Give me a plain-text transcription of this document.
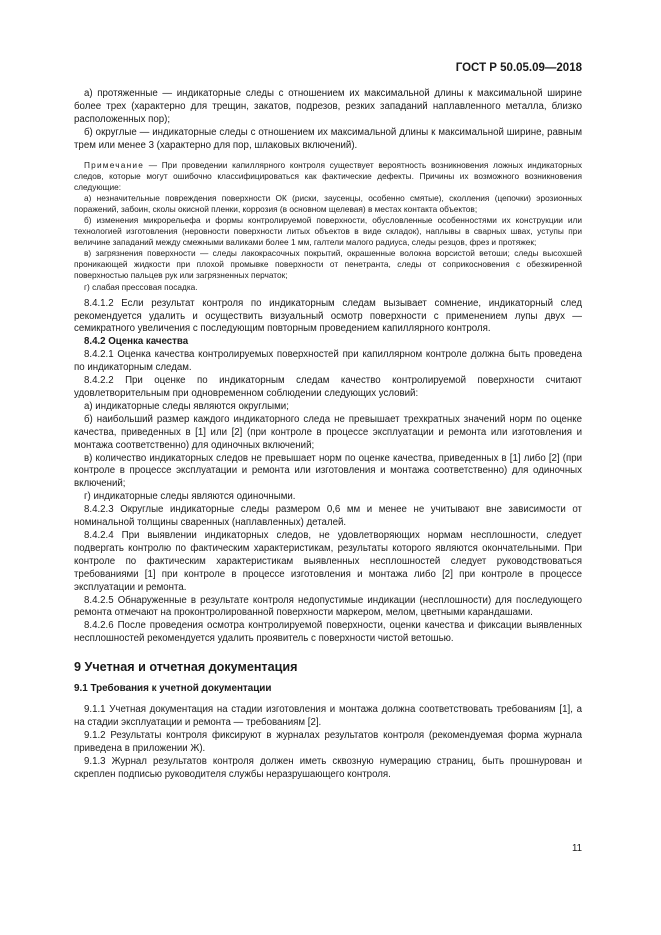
ГОСТ Р 50.05.09—2018

а) протяженные — индикаторные следы с отношением их максимальной длины к максимальной ширине более трех (характерно для трещин, закатов, подрезов, резких западаний наплавленного металла, близко расположенных пор);

б) округлые — индикаторные следы с отношением их максимальной длины к максимальной ширине, равным трем или менее 3 (характерно для пор, шлаковых включений).

Примечание — При проведении капиллярного контроля существует вероятность возникновения ложных индикаторных следов, которые могут ошибочно классифицироваться как фактические дефекты. Причины их возможного возникновения следующие:

а) незначительные повреждения поверхности ОК (риски, заусенцы, особенно смятые), сколления (цепочки) эрозионных поражений, забоин, сколы окисной пленки, коррозия (в основном щелевая) в местах контакта объектов;

б) изменения микрорельефа и формы контролируемой поверхности, обусловленные особенностями их конструкции или технологией изготовления (неровности поверхности литых объектов в виде складок), наплывы в сварных швах, уступы при величине западаний между смежными валиками более 1 мм, галтели малого радиуса, следы резцов, фрез и протяжек;

в) загрязнения поверхности — следы лакокрасочных покрытий, окрашенные волокна ворсистой ветоши; следы высохшей проникающей жидкости при плохой промывке поверхности от пенетранта, следы от соприкосновения с обезжиренной поверхностью пальцев рук или загрязненных перчаток;

г) слабая прессовая посадка.

8.4.1.2 Если результат контроля по индикаторным следам вызывает сомнение, индикаторный след рекомендуется удалить и осуществить визуальный осмотр поверхности с применением лупы двух — семикратного увеличения с последующим повторным проведением капиллярного контроля.

8.4.2 Оценка качества

8.4.2.1 Оценка качества контролируемых поверхностей при капиллярном контроле должна быть проведена по индикаторным следам.

8.4.2.2 При оценке по индикаторным следам качество контролируемой поверхности считают удовлетворительным при одновременном соблюдении следующих условий:

а) индикаторные следы являются округлыми;

б) наибольший размер каждого индикаторного следа не превышает трехкратных значений норм по оценке качества, приведенных в [1] или [2] (при контроле в процессе эксплуатации и ремонта или изготовления и монтажа соответственно) для одиночных включений;

в) количество индикаторных следов не превышает норм по оценке качества, приведенных в [1] либо [2] (при контроле в процессе эксплуатации и ремонта или изготовления и монтажа соответственно) для одиночных включений;

г) индикаторные следы являются одиночными.

8.4.2.3 Округлые индикаторные следы размером 0,6 мм и менее не учитывают вне зависимости от номинальной толщины сваренных (наплавленных) деталей.

8.4.2.4 При выявлении индикаторных следов, не удовлетворяющих нормам несплошности, следует подвергать контролю по фактическим характеристикам, результаты которого являются окончательными. При контроле по фактическим характеристикам выявленных несплошностей следует руководствоваться требованиями [1] при контроле в процессе изготовления и монтажа либо [2] при контроле в процессе эксплуатации и ремонта.

8.4.2.5 Обнаруженные в результате контроля недопустимые индикации (несплошности) для последующего ремонта отмечают на проконтролированной поверхности маркером, мелом, цветными карандашами.

8.4.2.6 После проведения осмотра контролируемой поверхности, оценки качества и фиксации выявленных несплошностей рекомендуется удалить проявитель с поверхности чистой ветошью.

9 Учетная и отчетная документация

9.1 Требования к учетной документации

9.1.1 Учетная документация на стадии изготовления и монтажа должна соответствовать требованиям [1], а на стадии эксплуатации и ремонта — требованиям [2].

9.1.2 Результаты контроля фиксируют в журналах результатов контроля (рекомендуемая форма журнала приведена в приложении Ж).

9.1.3 Журнал результатов контроля должен иметь сквозную нумерацию страниц, быть прошнурован и скреплен подписью руководителя службы неразрушающего контроля.

11
